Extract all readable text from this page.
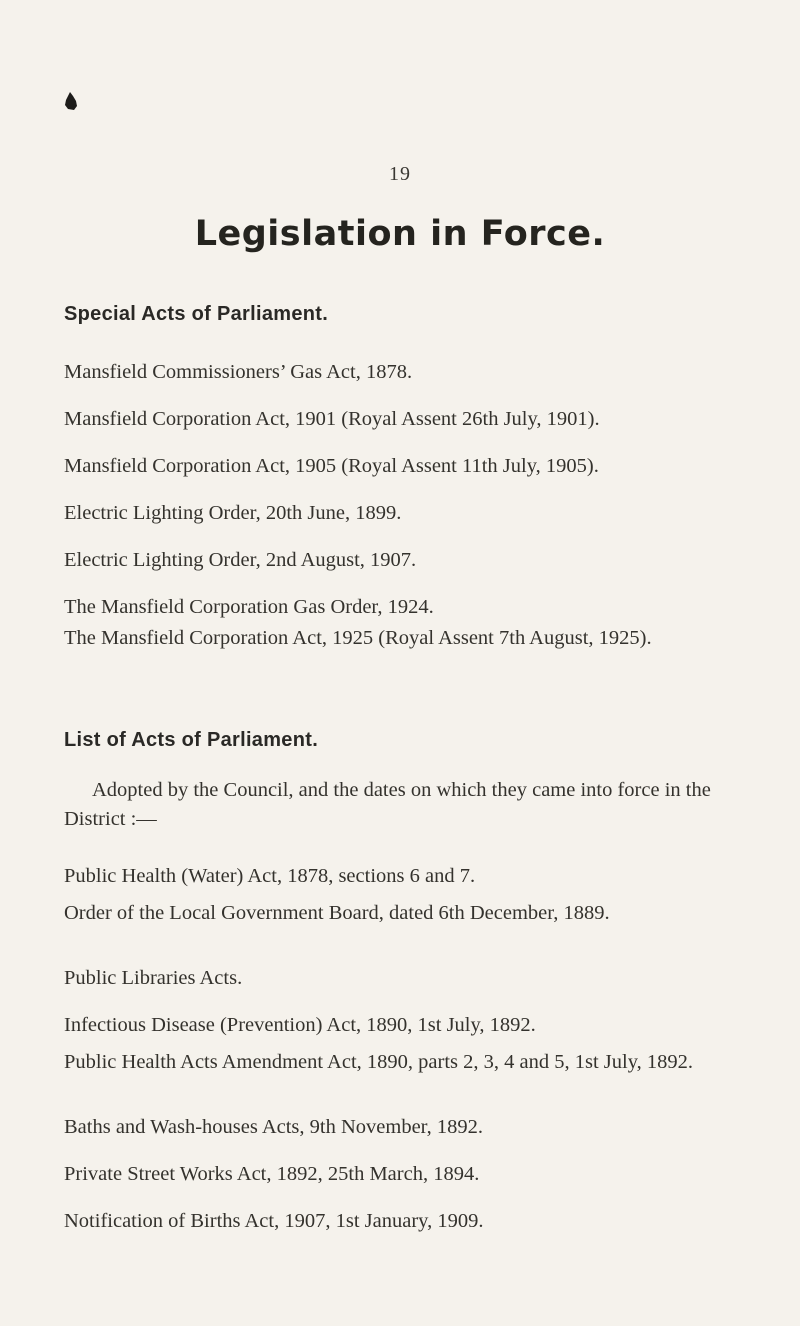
19
Legislation in Force.
Special Acts of Parliament.
Mansfield Commissioners’ Gas Act, 1878.
Mansfield Corporation Act, 1901 (Royal Assent 26th July, 1901).
Mansfield Corporation Act, 1905 (Royal Assent 11th July, 1905).
Electric Lighting Order, 20th June, 1899.
Electric Lighting Order, 2nd August, 1907.
The Mansfield Corporation Gas Order, 1924.
The Mansfield Corporation Act, 1925 (Royal Assent 7th August, 1925).
List of Acts of Parliament.
Adopted by the Council, and the dates on which they came into force in the District :—
Public Health (Water) Act, 1878, sections 6 and 7.
Order of the Local Government Board, dated 6th December, 1889.
Public Libraries Acts.
Infectious Disease (Prevention) Act, 1890, 1st July, 1892.
Public Health Acts Amendment Act, 1890, parts 2, 3, 4 and 5, 1st July, 1892.
Baths and Wash-houses Acts, 9th November, 1892.
Private Street Works Act, 1892, 25th March, 1894.
Notification of Births Act, 1907, 1st January, 1909.
